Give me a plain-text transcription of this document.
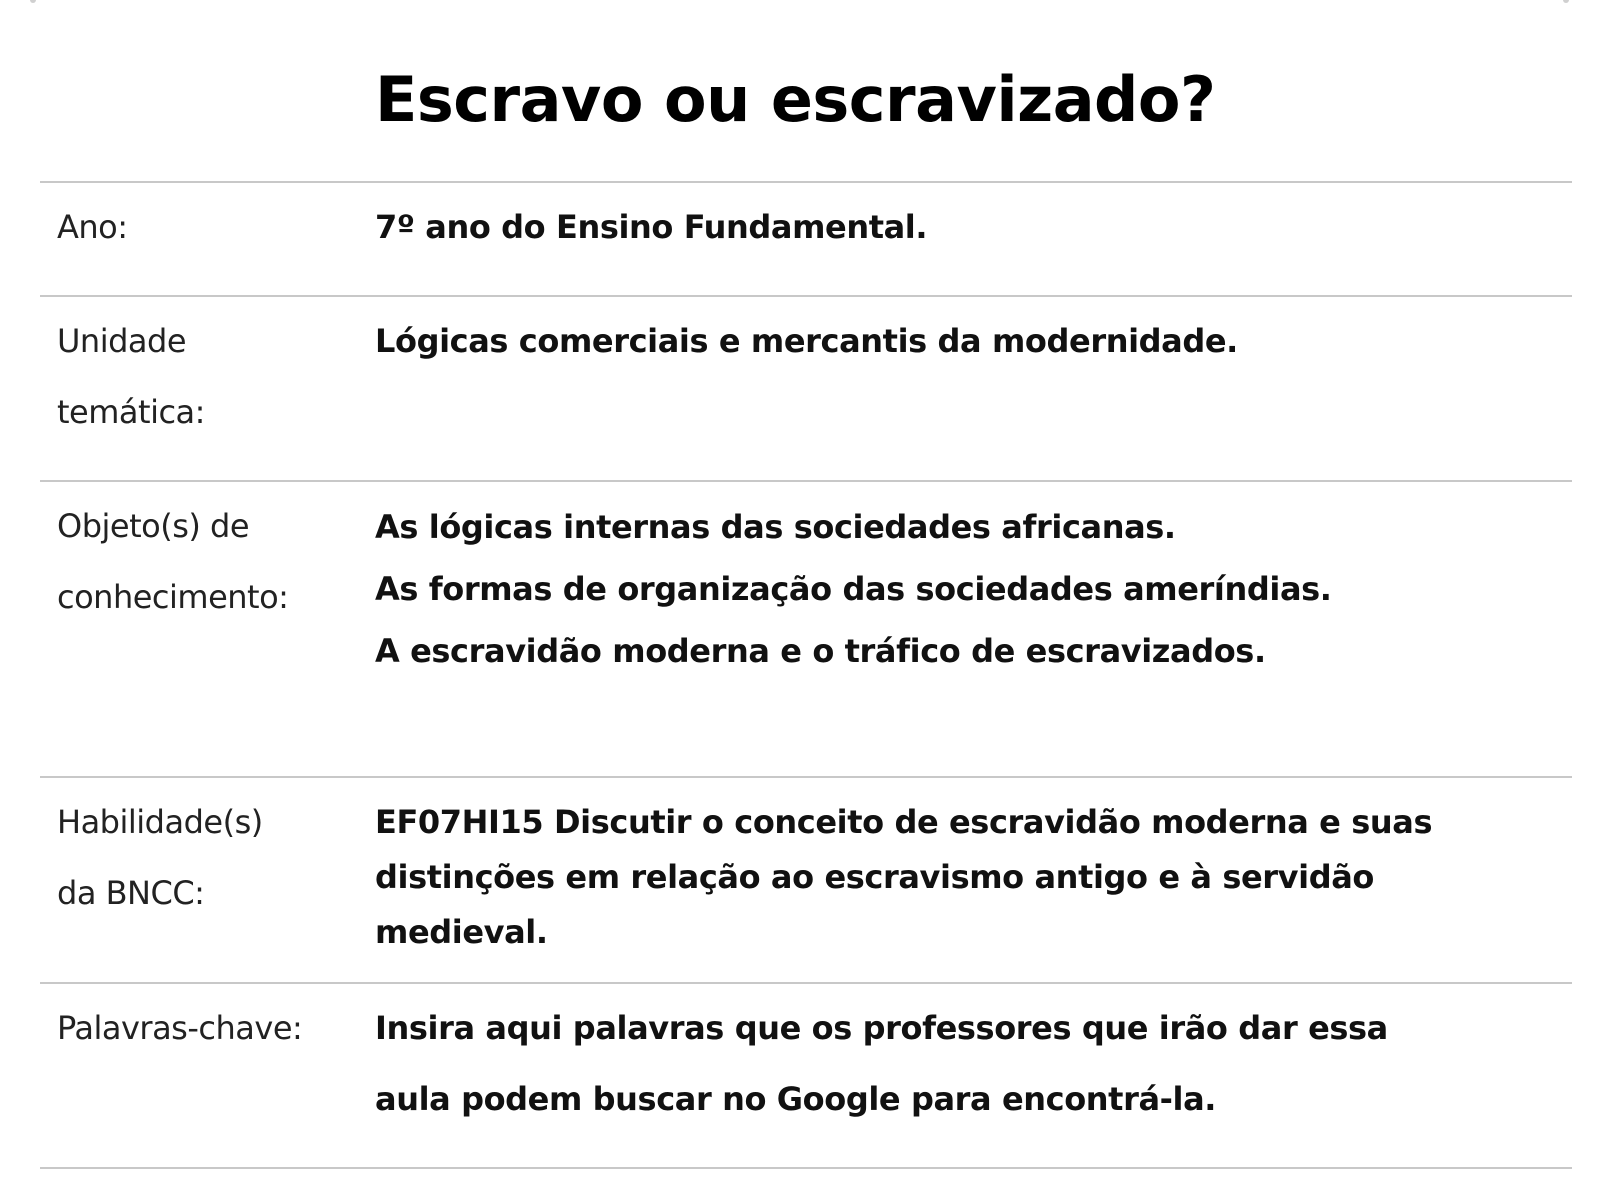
Escravo ou escravizado?
Ano:	7º ano do Ensino Fundamental.
Unidade
temática:
Lógicas comerciais e mercantis da modernidade.
Objeto(s) de
conhecimento:
As lógicas internas das sociedades africanas.
As formas de organização das sociedades ameríndias.
A escravidão moderna e o tráfico de escravizados.
Habilidade(s)
da BNCC:
EF07HI15 Discutir o conceito de escravidão moderna e suas
distinções em relação ao escravismo antigo e à servidão
medieval.
Palavras-chave: Insira aqui palavras que os professores que irão dar essa
aula podem buscar no Google para encontrá-la.
